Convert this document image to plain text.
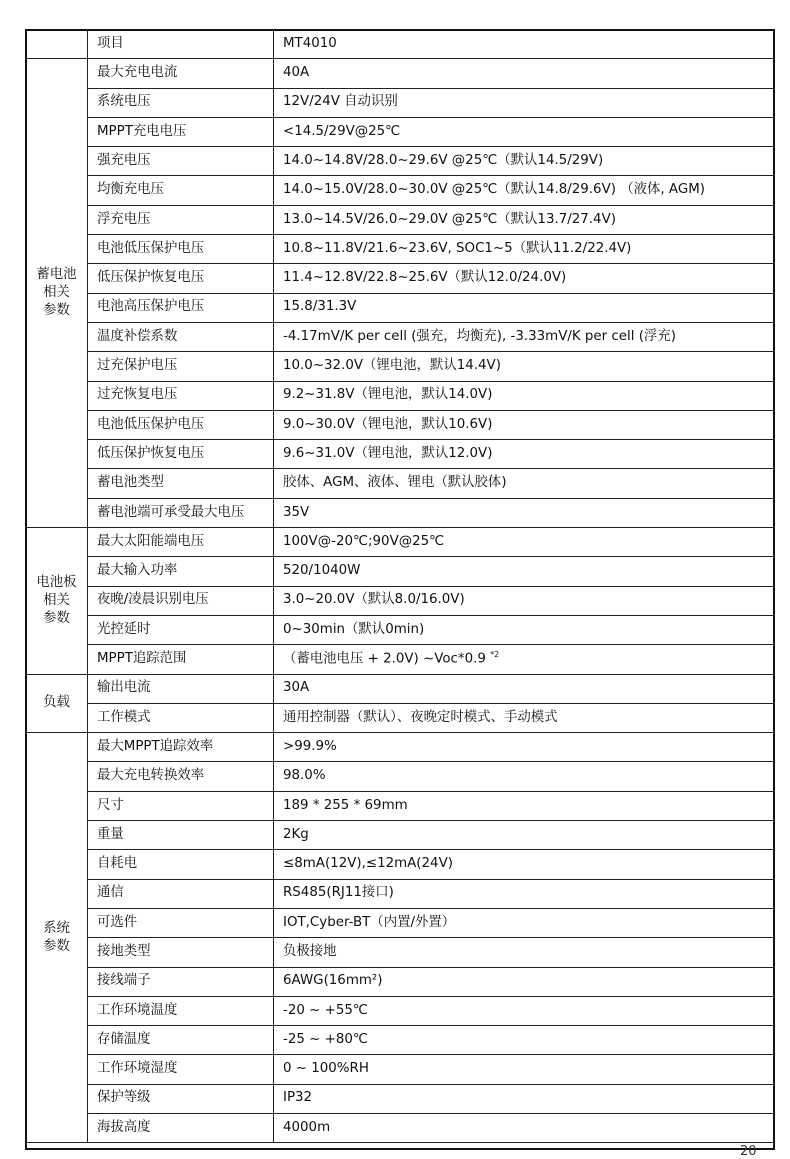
	项目	MT4010
蓄电池
相关
参数	最大充电电流	40A
	系统电压	12V/24V 自动识别
	MPPT充电电压	<14.5/29V@25℃
	强充电压	14.0~14.8V/28.0~29.6V @25℃（默认14.5/29V)
	均衡充电压	14.0~15.0V/28.0~30.0V @25℃（默认14.8/29.6V) （液体, AGM)
	浮充电压	13.0~14.5V/26.0~29.0V @25℃（默认13.7/27.4V)
	电池低压保护电压	10.8~11.8V/21.6~23.6V, SOC1~5（默认11.2/22.4V)
	低压保护恢复电压	11.4~12.8V/22.8~25.6V（默认12.0/24.0V)
	电池高压保护电压	15.8/31.3V
	温度补偿系数	-4.17mV/K per cell (强充，均衡充), -3.33mV/K per cell (浮充)
	过充保护电压	10.0~32.0V（锂电池，默认14.4V)
	过充恢复电压	9.2~31.8V（锂电池，默认14.0V)
	电池低压保护电压	9.0~30.0V（锂电池，默认10.6V)
	低压保护恢复电压	9.6~31.0V（锂电池，默认12.0V)
	蓄电池类型	胶体、AGM、液体、锂电（默认胶体)
	蓄电池端可承受最大电压	35V
电池板
相关
参数	最大太阳能端电压	100V@-20℃;90V@25℃
	最大输入功率	520/1040W
	夜晚/凌晨识别电压	3.0~20.0V（默认8.0/16.0V)
	光控延时	0~30min（默认0min)
	MPPT追踪范围	（蓄电池电压 + 2.0V) ~Voc*0.9 $^{*2}$
负载	输出电流	30A
	工作模式	通用控制器（默认）、夜晚定时模式、手动模式
系统
参数	最大MPPT追踪效率	>99.9%
	最大充电转换效率	98.0%
	尺寸	189 * 255 * 69mm
	重量	2Kg
	自耗电	≤8mA(12V),≤12mA(24V)
	通信	RS485(RJ11接口)
	可选件	IOT,Cyber-BT（内置/外置）
	接地类型	负极接地
	接线端子	6AWG(16mm²)
	工作环境温度	-20 ~ +55℃
	存储温度	-25 ~ +80℃
	工作环境湿度	0 ~ 100%RH
	保护等级	IP32
	海拔高度	4000m
20
